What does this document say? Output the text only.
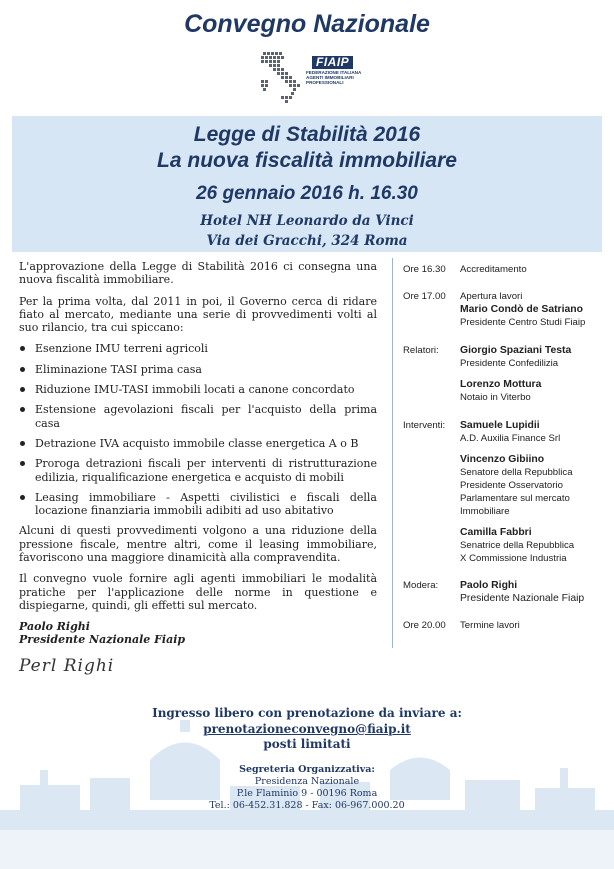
Convegno Nazionale
FIAIP
FEDERAZIONE ITALIANA
AGENTI IMMOBILIARI
PROFESSIONALI
Legge di Stabilità 2016
La nuova fiscalità immobiliare
26 gennaio 2016 h. 16.30
Hotel NH Leonardo da Vinci
Via dei Gracchi, 324 Roma

L'approvazione della Legge di Stabilità 2016 ci consegna una nuova fiscalità immobiliare.

Per la prima volta, dal 2011 in poi, il Governo cerca di ridare fiato al mercato, mediante una serie di provvedimenti volti al suo rilancio, tra cui spiccano:

Esenzione IMU terreni agricoli
Eliminazione TASI prima casa
Riduzione IMU-TASI immobili locati a canone concordato
Estensione agevolazioni fiscali per l'acquisto della prima casa
Detrazione IVA acquisto immobile classe energetica A o B
Proroga detrazioni fiscali per interventi di ristrutturazione edilizia, riqualificazione energetica e acquisto di mobili
Leasing immobiliare - Aspetti civilistici e fiscali della locazione finanziaria immobili adibiti ad uso abitativo

Alcuni di questi provvedimenti volgono a una riduzione della pressione fiscale, mentre altri, come il leasing immobiliare, favoriscono una maggiore dinamicità alla compravendita.

Il convegno vuole fornire agli agenti immobiliari le modalità pratiche per l'applicazione delle norme in questione e dispiegarne, quindi, gli effetti sul mercato.

Paolo Righi
Presidente Nazionale Fiaip
Perl Righi
Ore 16.30	Accreditamento
Ore 17.00	Apertura lavori
Mario Condò de Satriano
Presidente Centro Studi Fiaip
Relatori:	Giorgio Spaziani Testa
Presidente Confedilizia
Lorenzo Mottura
Notaio in Viterbo
Interventi:	Samuele Lupidii
A.D. Auxilia Finance Srl
Vincenzo Gibiino
Senatore della Repubblica
Presidente Osservatorio
Parlamentare sul mercato
Immobiliare
Camilla Fabbri
Senatrice della Repubblica
X Commissione Industria
Modera:	Paolo Righi
Presidente Nazionale Fiaip
Ore 20.00	Termine lavori
Ingresso libero con prenotazione da inviare a:
prenotazioneconvegno@fiaip.it
posti limitati
Segreteria Organizzativa:
Presidenza Nazionale
P.le Flaminio 9 - 00196 Roma
Tel.: 06-452.31.828 - Fax: 06-967.000.20
